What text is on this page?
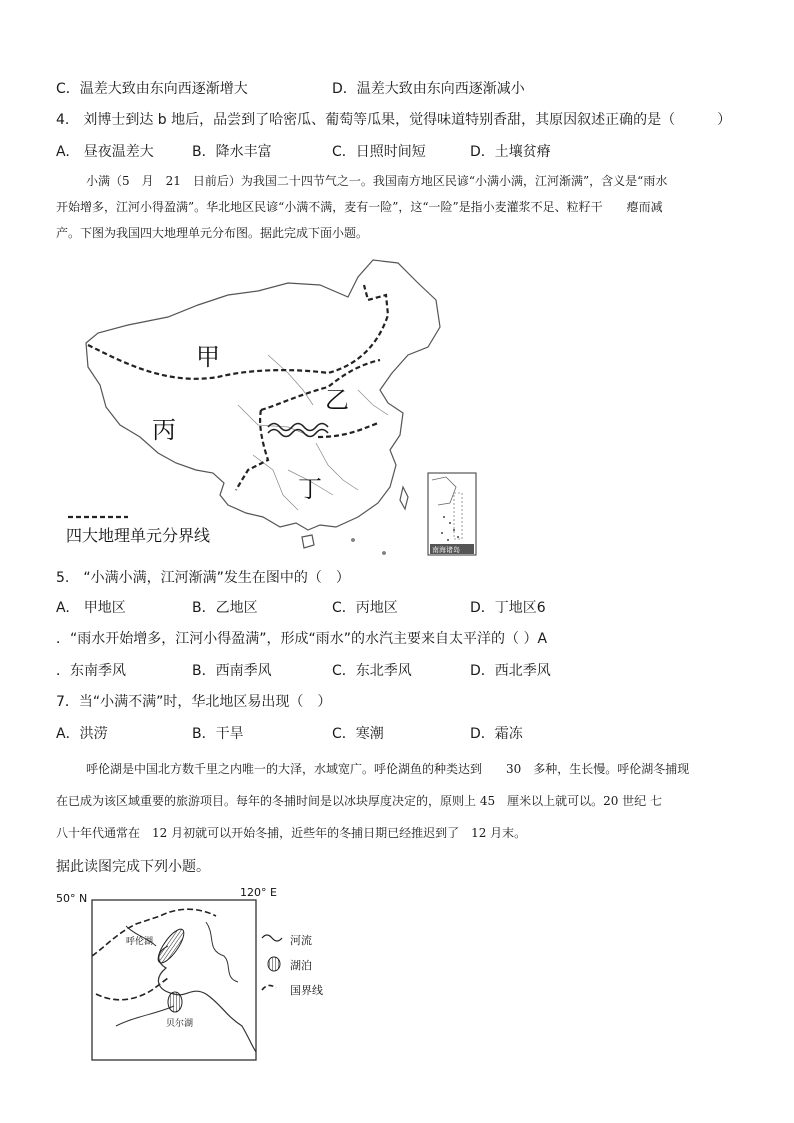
C．温差大致由东向西逐渐增大	D．温差大致由东向西逐渐减小
4.　刘博士到达 b 地后，品尝到了哈密瓜、葡萄等瓜果，觉得味道特别香甜，其原因叙述正确的是（　　　）
A.　昼夜温差大	B．降水丰富	C．日照时间短	D．土壤贫瘠
小满（5　月　21　日前后）为我国二十四节气之一。我国南方地区民谚“小满小满，江河渐满”，含义是“雨水
开始增多，江河小得盈满”。华北地区民谚“小满不满，麦有一险”，这“一险”是指小麦灌浆不足、粒籽干　　瘪而减
产。下图为我国四大地理单元分布图。据此完成下面小题。
甲
乙
丙
丁
四大地理单元分界线
南海诸岛
5.　“小满小满，江河渐满”发生在图中的（　）
A.　甲地区	B．乙地区	C．丙地区	D．丁地区6
．“雨水开始增多，江河小得盈满”，形成“雨水”的水汽主要来自太平洋的（ ）A
．东南季风	B．西南季风	C．东北季风	D．西北季风
7．当“小满不满”时，华北地区易出现（　）
A．洪涝	B．干旱	C．寒潮	D．霜冻
呼伦湖是中国北方数千里之内唯一的大泽，水域宽广。呼伦湖鱼的种类达到　　30　多种，生长慢。呼伦湖冬捕现
在已成为该区域重要的旅游项目。每年的冬捕时间是以冰块厚度决定的，原则上 45　厘米以上就可以。20 世纪 七
八十年代通常在　12 月初就可以开始冬捕，近些年的冬捕日期已经推迟到了　12 月末。
据此读图完成下列小题。
50° N	120° E
呼伦湖
贝尔湖
河流
湖泊
国界线
